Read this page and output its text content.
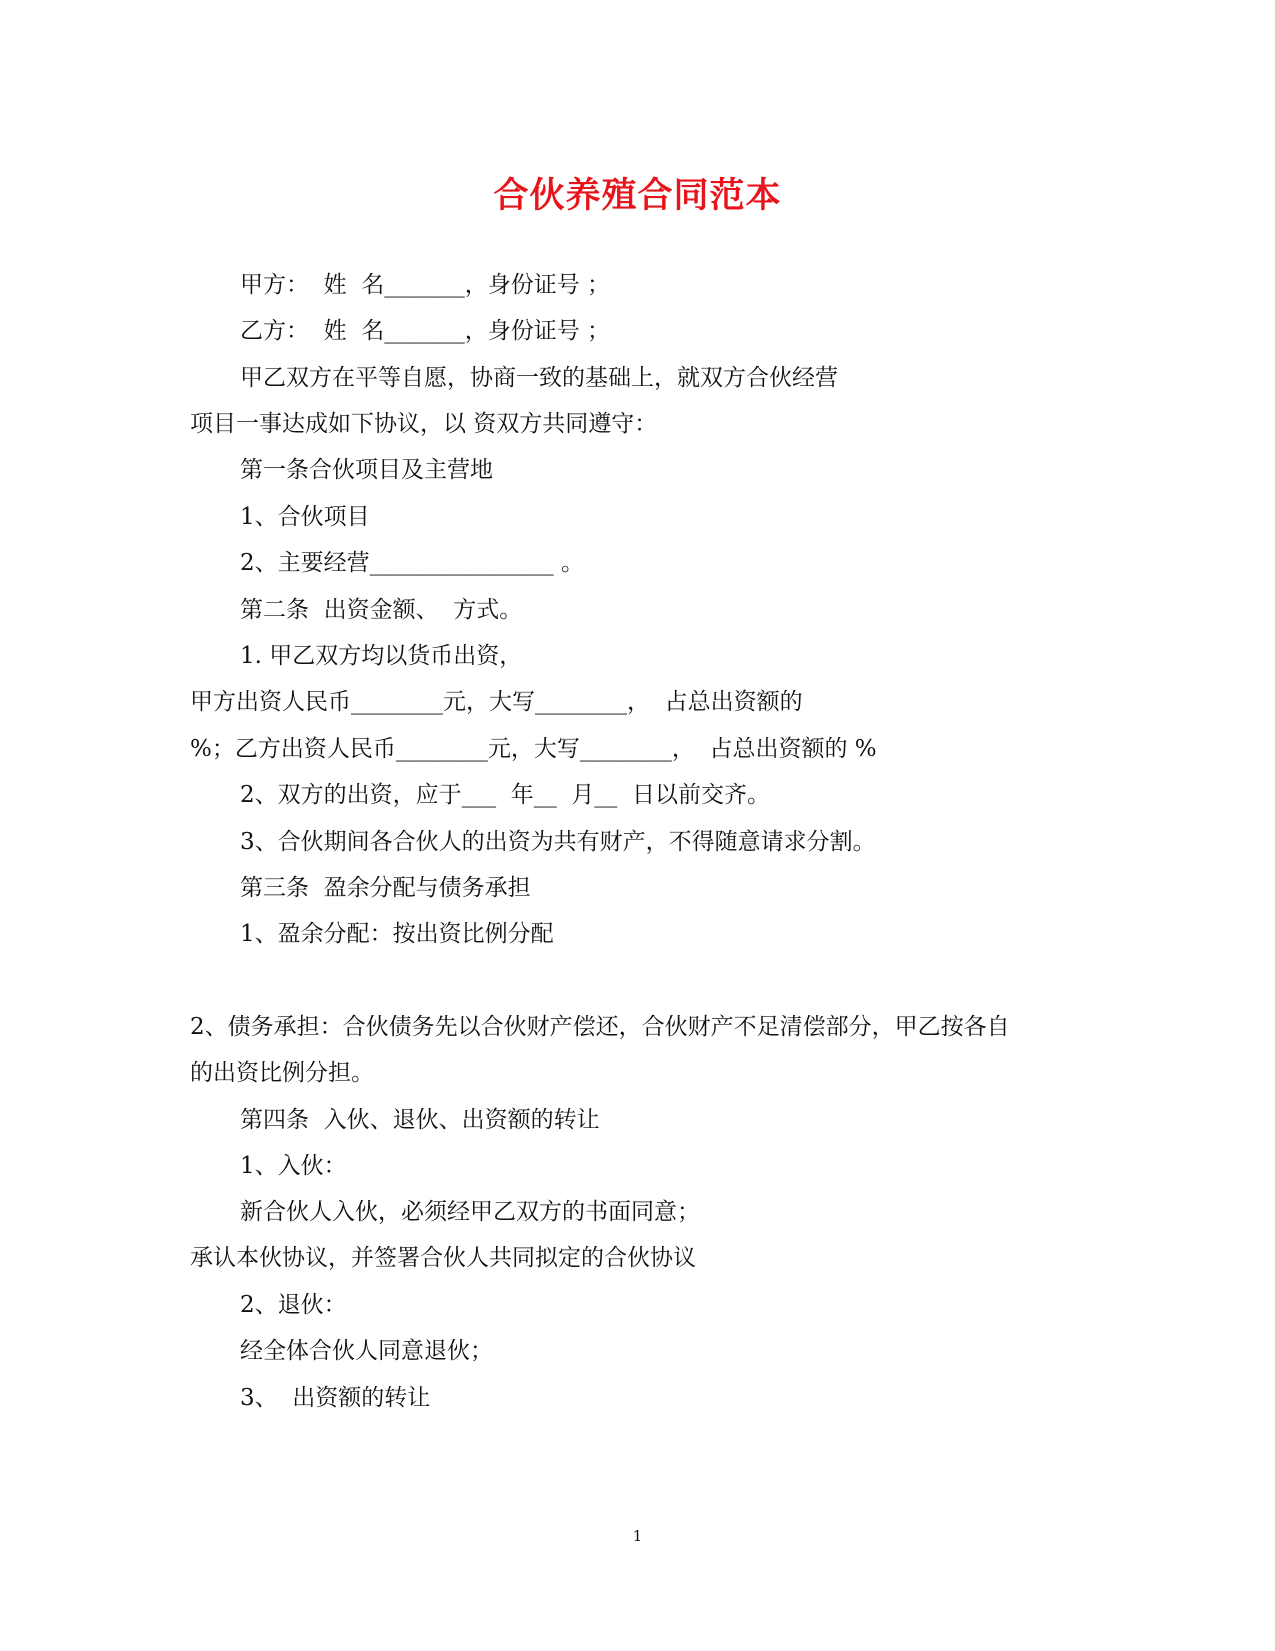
合伙养殖合同范本
甲方：  姓  名_______，身份证号 ；
乙方：  姓  名_______，身份证号 ；
甲乙双方在平等自愿，协商一致的基础上，就双方合伙经营
项目一事达成如下协议，以 资双方共同遵守：
第一条合伙项目及主营地
1、合伙项目
2、主要经营________________ 。
第二条  出资金额、  方式。
1. 甲乙双方均以货币出资，
甲方出资人民币________元，大写________，  占总出资额的
%；乙方出资人民币________元，大写________，  占总出资额的 %
2、双方的出资，应于___  年__  月__  日以前交齐。
3、合伙期间各合伙人的出资为共有财产，不得随意请求分割。
第三条  盈余分配与债务承担
1、盈余分配：按出资比例分配
2、债务承担：合伙债务先以合伙财产偿还，合伙财产不足清偿部分，甲乙按各自
的出资比例分担。
第四条  入伙、退伙、出资额的转让
1、入伙：
新合伙人入伙，必须经甲乙双方的书面同意；
承认本伙协议，并签署合伙人共同拟定的合伙协议
2、退伙：
经全体合伙人同意退伙；
3、  出资额的转让
1
